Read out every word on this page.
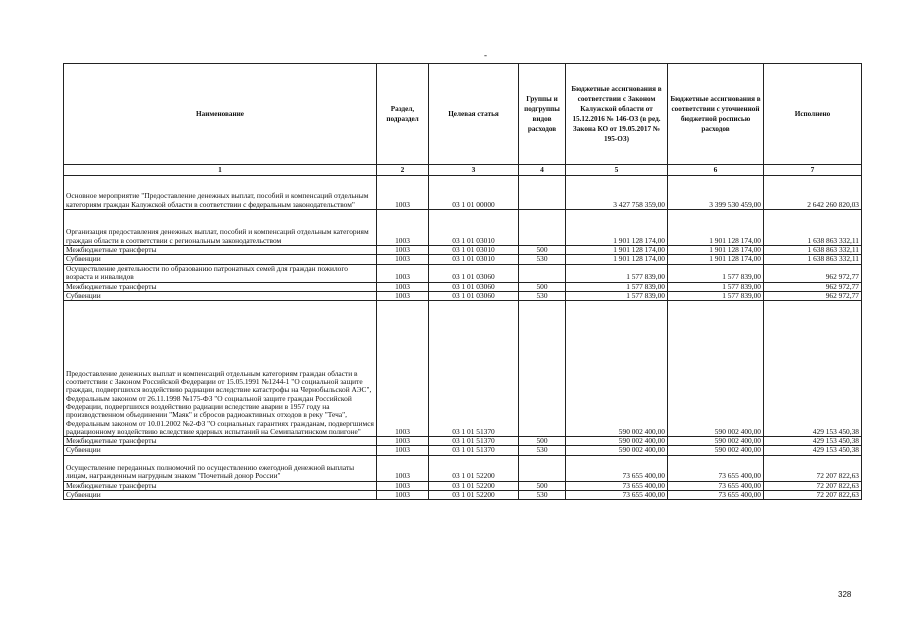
-
Наименование	Раздел, подраздел	Целевая статья	Группы и подгруппы видов расходов	Бюджетные ассигнования в соответствии с Законом Калужской области от 15.12.2016 № 146-ОЗ (в ред. Закона КО от 19.05.2017 № 195-ОЗ)	Бюджетные ассигнования в соответствии с уточненной бюджетной росписью расходов	Исполнено
1	2	3	4	5	6	7
Основное мероприятие "Предоставление денежных выплат, пособий и компенсаций отдельным категориям граждан Калужской области в соответствии с федеральным законодательством"	1003	03 1 01 00000		3 427 758 359,00	3 399 530 459,00	2 642 260 820,03
Организация предоставления денежных выплат, пособий и компенсаций отдельным категориям граждан области в соответствии с региональным законодательством	1003	03 1 01 03010		1 901 128 174,00	1 901 128 174,00	1 638 863 332,11
Межбюджетные трансферты	1003	03 1 01 03010	500	1 901 128 174,00	1 901 128 174,00	1 638 863 332,11
Субвенции	1003	03 1 01 03010	530	1 901 128 174,00	1 901 128 174,00	1 638 863 332,11
Осуществление деятельности по образованию патронатных семей для граждан пожилого возраста и инвалидов	1003	03 1 01 03060		1 577 839,00	1 577 839,00	962 972,77
Межбюджетные трансферты	1003	03 1 01 03060	500	1 577 839,00	1 577 839,00	962 972,77
Субвенции	1003	03 1 01 03060	530	1 577 839,00	1 577 839,00	962 972,77
Предоставление денежных выплат и компенсаций отдельным категориям граждан области в соответствии с Законом Российской Федерации от 15.05.1991 №1244-1 "О социальной защите граждан, подвергшихся воздействию радиации вследствие катастрофы на Чернобыльской АЭС", Федеральным законом от 26.11.1998 №175-ФЗ "О социальной защите граждан Российской Федерации, подвергшихся воздействию радиации вследствие аварии в 1957 году на производственном объединении "Маяк" и сбросов радиоактивных отходов в реку "Теча", Федеральным законом от 10.01.2002 №2-ФЗ "О социальных гарантиях гражданам, подвергшимся радиационному воздействию вследствие ядерных испытаний на Семипалатинском полигоне"	1003	03 1 01 51370		590 002 400,00	590 002 400,00	429 153 450,38
Межбюджетные трансферты	1003	03 1 01 51370	500	590 002 400,00	590 002 400,00	429 153 450,38
Субвенции	1003	03 1 01 51370	530	590 002 400,00	590 002 400,00	429 153 450,38
Осуществление переданных полномочий по осуществлению ежегодной денежной выплаты лицам, награжденным нагрудным знаком "Почетный донор России"	1003	03 1 01 52200		73 655 400,00	73 655 400,00	72 207 822,63
Межбюджетные трансферты	1003	03 1 01 52200	500	73 655 400,00	73 655 400,00	72 207 822,63
Субвенции	1003	03 1 01 52200	530	73 655 400,00	73 655 400,00	72 207 822,63
328
